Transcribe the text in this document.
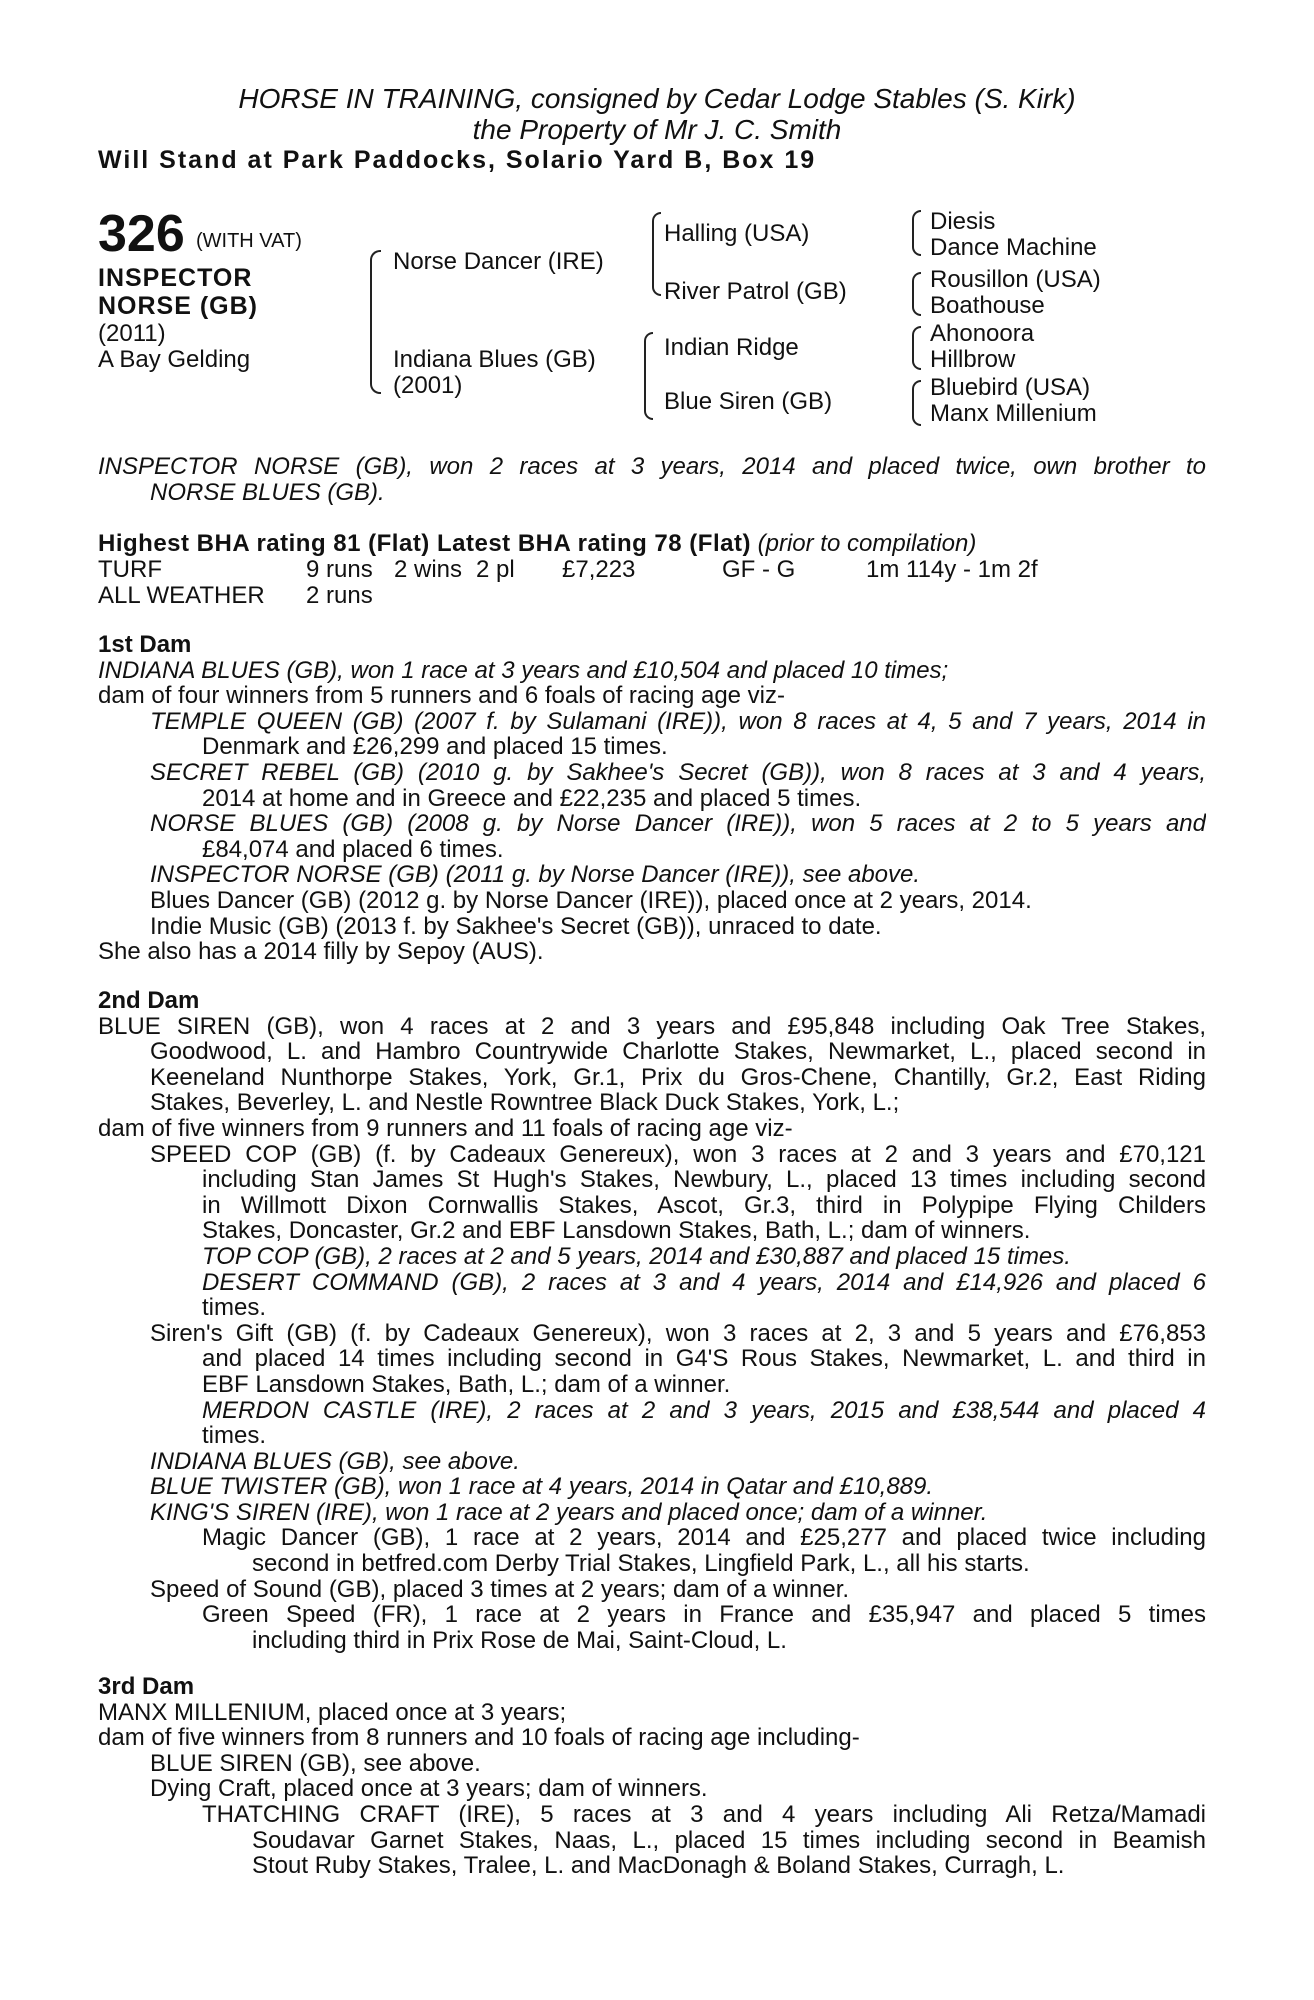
HORSE IN TRAINING, consigned by Cedar Lodge Stables (S. Kirk)
the Property of Mr J. C. Smith
Will Stand at Park Paddocks, Solario Yard B, Box 19
326 (WITH VAT)
INSPECTOR
NORSE (GB)
(2011)
A Bay Gelding
Norse Dancer (IRE)
Indiana Blues (GB)
(2001)
Halling (USA)
River Patrol (GB)
Indian Ridge
Blue Siren (GB)
Diesis
Dance Machine
Rousillon (USA)
Boathouse
Ahonoora
Hillbrow
Bluebird (USA)
Manx Millenium
INSPECTOR NORSE (GB), won 2 races at 3 years, 2014 and placed twice, own brother to
NORSE BLUES (GB).
Highest BHA rating 81 (Flat) Latest BHA rating 78 (Flat) (prior to compilation)
TURF	9 runs 2 wins 2 pl £7,223	GF - G	1m 114y - 1m 2f
ALL WEATHER 2 runs
1st Dam
INDIANA BLUES (GB), won 1 race at 3 years and £10,504 and placed 10 times;
dam of four winners from 5 runners and 6 foals of racing age viz-
TEMPLE QUEEN (GB) (2007 f. by Sulamani (IRE)), won 8 races at 4, 5 and 7 years, 2014 in
Denmark and £26,299 and placed 15 times.
SECRET REBEL (GB) (2010 g. by Sakhee's Secret (GB)), won 8 races at 3 and 4 years,
2014 at home and in Greece and £22,235 and placed 5 times.
NORSE BLUES (GB) (2008 g. by Norse Dancer (IRE)), won 5 races at 2 to 5 years and
£84,074 and placed 6 times.
INSPECTOR NORSE (GB) (2011 g. by Norse Dancer (IRE)), see above.
Blues Dancer (GB) (2012 g. by Norse Dancer (IRE)), placed once at 2 years, 2014.
Indie Music (GB) (2013 f. by Sakhee's Secret (GB)), unraced to date.
She also has a 2014 filly by Sepoy (AUS).
2nd Dam
BLUE SIREN (GB), won 4 races at 2 and 3 years and £95,848 including Oak Tree Stakes,
Goodwood, L. and Hambro Countrywide Charlotte Stakes, Newmarket, L., placed second in
Keeneland Nunthorpe Stakes, York, Gr.1, Prix du Gros-Chene, Chantilly, Gr.2, East Riding
Stakes, Beverley, L. and Nestle Rowntree Black Duck Stakes, York, L.;
dam of five winners from 9 runners and 11 foals of racing age viz-
SPEED COP (GB) (f. by Cadeaux Genereux), won 3 races at 2 and 3 years and £70,121
including Stan James St Hugh's Stakes, Newbury, L., placed 13 times including second
in Willmott Dixon Cornwallis Stakes, Ascot, Gr.3, third in Polypipe Flying Childers
Stakes, Doncaster, Gr.2 and EBF Lansdown Stakes, Bath, L.; dam of winners.
TOP COP (GB), 2 races at 2 and 5 years, 2014 and £30,887 and placed 15 times.
DESERT COMMAND (GB), 2 races at 3 and 4 years, 2014 and £14,926 and placed 6
times.
Siren's Gift (GB) (f. by Cadeaux Genereux), won 3 races at 2, 3 and 5 years and £76,853
and placed 14 times including second in G4'S Rous Stakes, Newmarket, L. and third in
EBF Lansdown Stakes, Bath, L.; dam of a winner.
MERDON CASTLE (IRE), 2 races at 2 and 3 years, 2015 and £38,544 and placed 4
times.
INDIANA BLUES (GB), see above.
BLUE TWISTER (GB), won 1 race at 4 years, 2014 in Qatar and £10,889.
KING'S SIREN (IRE), won 1 race at 2 years and placed once; dam of a winner.
Magic Dancer (GB), 1 race at 2 years, 2014 and £25,277 and placed twice including
second in betfred.com Derby Trial Stakes, Lingfield Park, L., all his starts.
Speed of Sound (GB), placed 3 times at 2 years; dam of a winner.
Green Speed (FR), 1 race at 2 years in France and £35,947 and placed 5 times
including third in Prix Rose de Mai, Saint-Cloud, L.
3rd Dam
MANX MILLENIUM, placed once at 3 years;
dam of five winners from 8 runners and 10 foals of racing age including-
BLUE SIREN (GB), see above.
Dying Craft, placed once at 3 years; dam of winners.
THATCHING CRAFT (IRE), 5 races at 3 and 4 years including Ali Retza/Mamadi
Soudavar Garnet Stakes, Naas, L., placed 15 times including second in Beamish
Stout Ruby Stakes, Tralee, L. and MacDonagh & Boland Stakes, Curragh, L.
